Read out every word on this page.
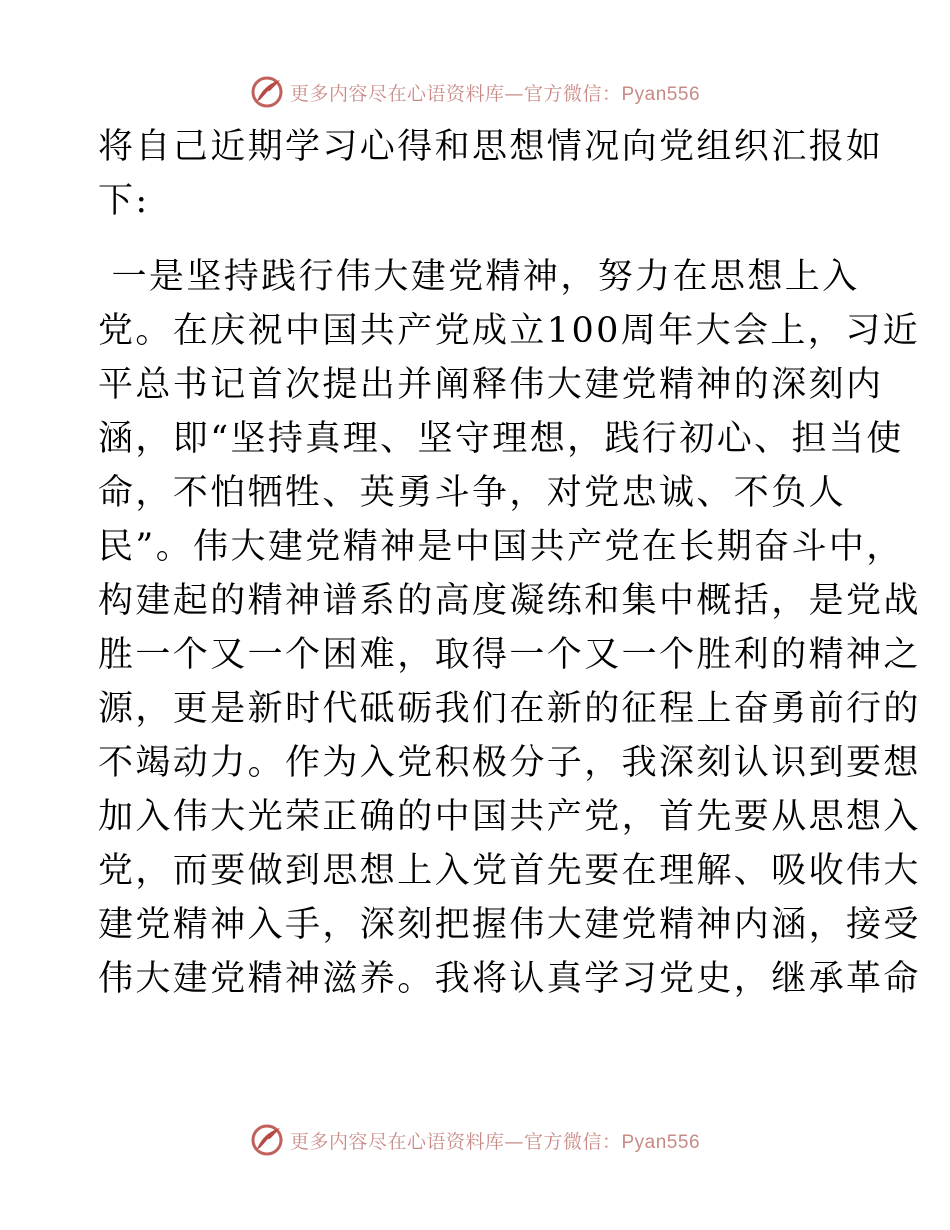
更多内容尽在心语资料库—官方微信：Pyan556

将自己近期学习心得和思想情况向党组织汇报如

下:

一是坚持践行伟大建党精神，努力在思想上入

党。在庆祝中国共产党成立100周年大会上，习近

平总书记首次提出并阐释伟大建党精神的深刻内

涵，即“坚持真理、坚守理想，践行初心、担当使

命，不怕牺牲、英勇斗争，对党忠诚、不负人

民”。伟大建党精神是中国共产党在长期奋斗中，

构建起的精神谱系的高度凝练和集中概括，是党战

胜一个又一个困难，取得一个又一个胜利的精神之

源，更是新时代砥砺我们在新的征程上奋勇前行的

不竭动力。作为入党积极分子，我深刻认识到要想

加入伟大光荣正确的中国共产党，首先要从思想入

党，而要做到思想上入党首先要在理解、吸收伟大

建党精神入手，深刻把握伟大建党精神内涵，接受

伟大建党精神滋养。我将认真学习党史，继承革命

更多内容尽在心语资料库—官方微信：Pyan556
